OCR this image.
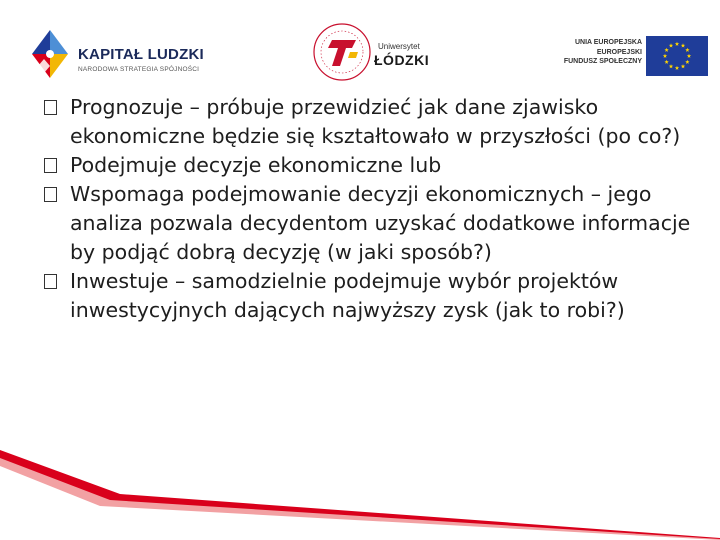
KAPITAŁ LUDZKI
NARODOWA STRATEGIA SPÓJNOŚCI
Uniwersytet
ŁÓDZKI
UNIA EUROPEJSKA
EUROPEJSKI
FUNDUSZ SPOŁECZNY
Prognozuje – próbuje przewidzieć jak dane zjawisko ekonomiczne będzie się kształtowało w przyszłości (po co?)
Podejmuje decyzje ekonomiczne lub
Wspomaga podejmowanie decyzji ekonomicznych – jego analiza pozwala decydentom uzyskać dodatkowe informacje by podjąć dobrą decyzję (w jaki sposób?)
Inwestuje – samodzielnie podejmuje wybór projektów inwestycyjnych dających najwyższy zysk (jak to robi?)
